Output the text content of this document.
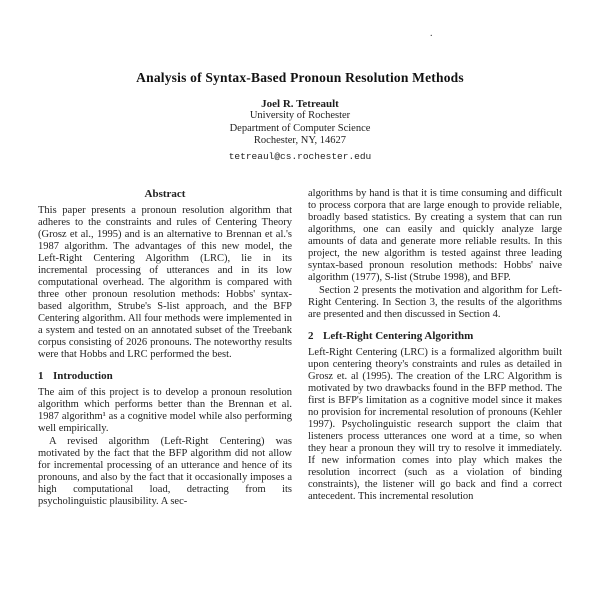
.
Analysis of Syntax-Based Pronoun Resolution Methods
Joel R. Tetreault
University of Rochester
Department of Computer Science
Rochester, NY, 14627
tetreaul@cs.rochester.edu
Abstract

This paper presents a pronoun resolution algorithm that adheres to the constraints and rules of Centering Theory (Grosz et al., 1995) and is an alternative to Brennan et al.'s 1987 algorithm. The advantages of this new model, the Left-Right Centering Algorithm (LRC), lie in its incremental processing of utterances and in its low computational overhead. The algorithm is compared with three other pronoun resolution methods: Hobbs' syntax-based algorithm, Strube's S-list approach, and the BFP Centering algorithm. All four methods were implemented in a system and tested on an annotated subset of the Treebank corpus consisting of 2026 pronouns. The noteworthy results were that Hobbs and LRC performed the best.

1 Introduction

The aim of this project is to develop a pronoun resolution algorithm which performs better than the Brennan et al. 1987 algorithm¹ as a cognitive model while also performing well empirically.

A revised algorithm (Left-Right Centering) was motivated by the fact that the BFP algorithm did not allow for incremental processing of an utterance and hence of its pronouns, and also by the fact that it occasionally imposes a high computational load, detracting from its psycholinguistic plausibility. A sec-

algorithms by hand is that it is time consuming and difficult to process corpora that are large enough to provide reliable, broadly based statistics. By creating a system that can run algorithms, one can easily and quickly analyze large amounts of data and generate more reliable results. In this project, the new algorithm is tested against three leading syntax-based pronoun resolution methods: Hobbs' naive algorithm (1977), S-list (Strube 1998), and BFP.

Section 2 presents the motivation and algorithm for Left-Right Centering. In Section 3, the results of the algorithms are presented and then discussed in Section 4.

2 Left-Right Centering Algorithm

Left-Right Centering (LRC) is a formalized algorithm built upon centering theory's constraints and rules as detailed in Grosz et. al (1995). The creation of the LRC Algorithm is motivated by two drawbacks found in the BFP method. The first is BFP's limitation as a cognitive model since it makes no provision for incremental resolution of pronouns (Kehler 1997). Psycholinguistic research support the claim that listeners process utterances one word at a time, so when they hear a pronoun they will try to resolve it immediately. If new information comes into play which makes the resolution incorrect (such as a violation of binding constraints), the listener will go back and find a correct antecedent. This incremental resolution
